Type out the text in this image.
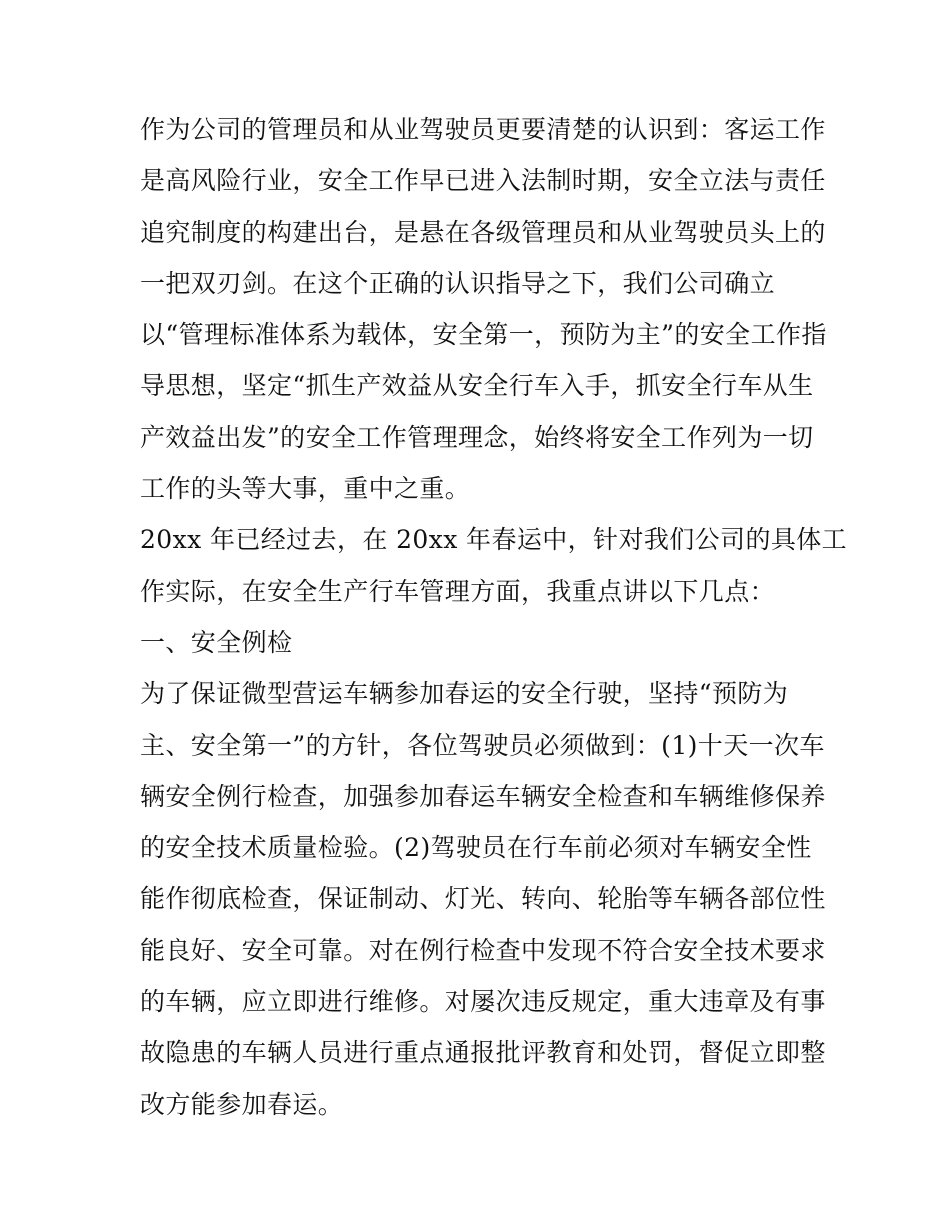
作为公司的管理员和从业驾驶员更要清楚的认识到：客运工作
是高风险行业，安全工作早已进入法制时期，安全立法与责任
追究制度的构建出台，是悬在各级管理员和从业驾驶员头上的
一把双刃剑。在这个正确的认识指导之下，我们公司确立
以“管理标准体系为载体，安全第一，预防为主”的安全工作指
导思想，坚定“抓生产效益从安全行车入手，抓安全行车从生
产效益出发”的安全工作管理理念，始终将安全工作列为一切
工作的头等大事，重中之重。
20xx 年已经过去，在 20xx 年春运中，针对我们公司的具体工
作实际，在安全生产行车管理方面，我重点讲以下几点：
一、安全例检
为了保证微型营运车辆参加春运的安全行驶，坚持“预防为
主、安全第一”的方针，各位驾驶员必须做到：(1)十天一次车
辆安全例行检查，加强参加春运车辆安全检查和车辆维修保养
的安全技术质量检验。(2)驾驶员在行车前必须对车辆安全性
能作彻底检查，保证制动、灯光、转向、轮胎等车辆各部位性
能良好、安全可靠。对在例行检查中发现不符合安全技术要求
的车辆，应立即进行维修。对屡次违反规定，重大违章及有事
故隐患的车辆人员进行重点通报批评教育和处罚，督促立即整
改方能参加春运。
